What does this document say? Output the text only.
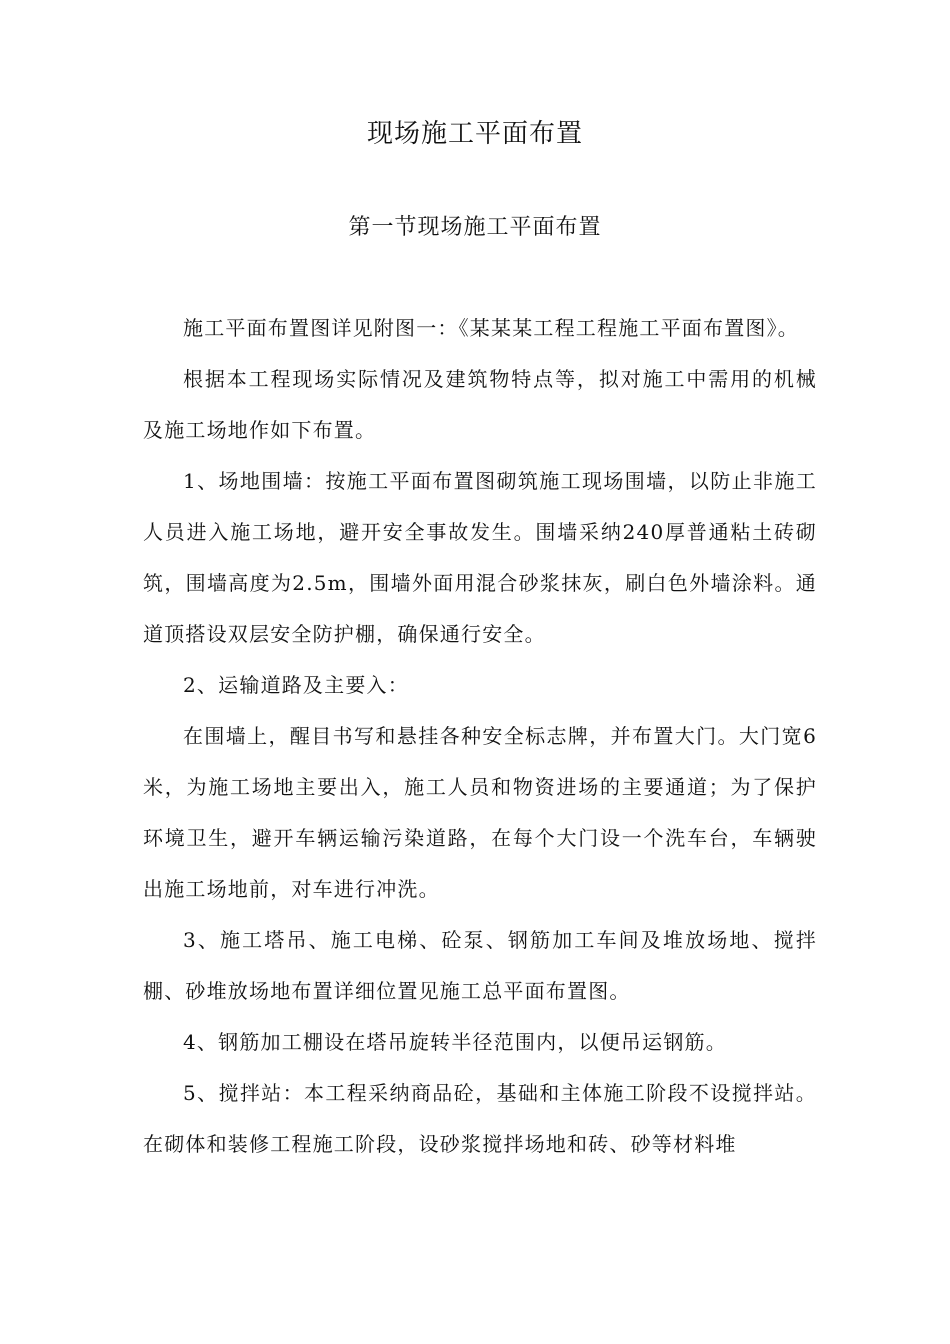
现场施工平面布置
第一节现场施工平面布置

施工平面布置图详见附图一：《某某某工程工程施工平面布置图》。

根据本工程现场实际情况及建筑物特点等，拟对施工中需用的机械及施工场地作如下布置。

1、场地围墙：按施工平面布置图砌筑施工现场围墙，以防止非施工人员进入施工场地，避开安全事故发生。围墙采纳240厚普通粘土砖砌筑，围墙高度为2.5m，围墙外面用混合砂浆抹灰，刷白色外墙涂料。通道顶搭设双层安全防护棚，确保通行安全。

2、运输道路及主要入：

在围墙上，醒目书写和悬挂各种安全标志牌，并布置大门。大门宽6米，为施工场地主要出入，施工人员和物资进场的主要通道；为了保护环境卫生，避开车辆运输污染道路，在每个大门设一个洗车台，车辆驶出施工场地前，对车进行冲洗。

3、施工塔吊、施工电梯、砼泵、钢筋加工车间及堆放场地、搅拌棚、砂堆放场地布置详细位置见施工总平面布置图。

4、钢筋加工棚设在塔吊旋转半径范围内，以便吊运钢筋。

5、搅拌站：本工程采纳商品砼，基础和主体施工阶段不设搅拌站。在砌体和装修工程施工阶段，设砂浆搅拌场地和砖、砂等材料堆
